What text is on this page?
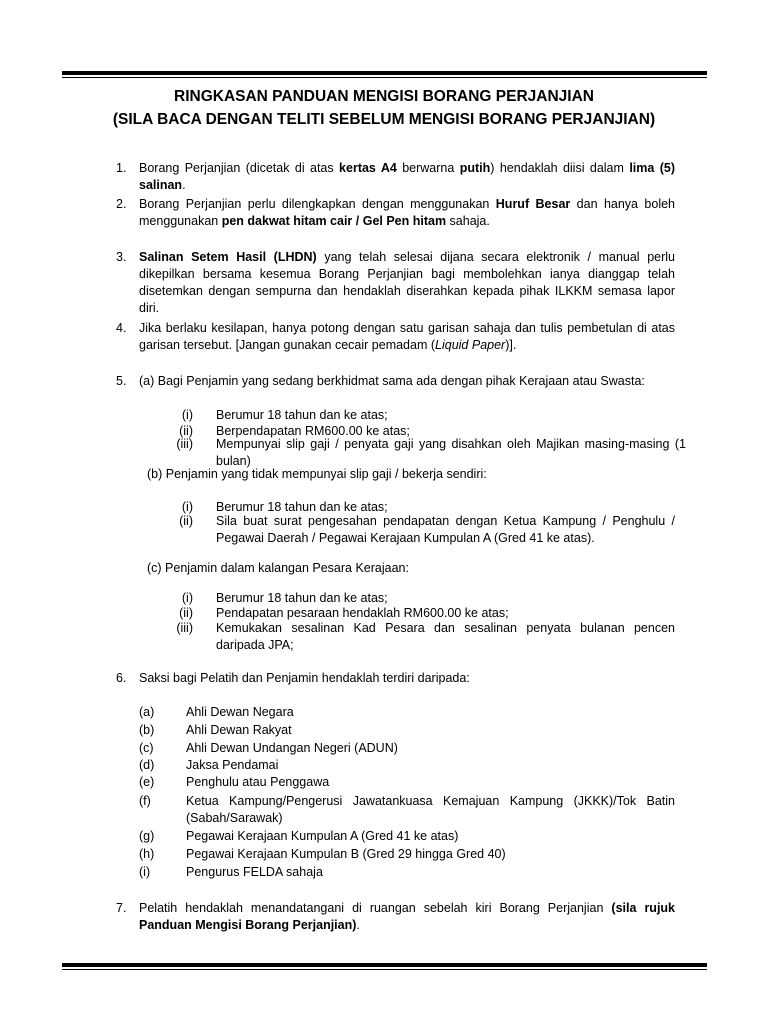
RINGKASAN PANDUAN MENGISI BORANG PERJANJIAN
(SILA BACA DENGAN TELITI SEBELUM MENGISI BORANG PERJANJIAN)
1. Borang Perjanjian (dicetak di atas kertas A4 berwarna putih) hendaklah diisi dalam lima (5) salinan.
2. Borang Perjanjian perlu dilengkapkan dengan menggunakan Huruf Besar dan hanya boleh menggunakan pen dakwat hitam cair / Gel Pen hitam sahaja.
3. Salinan Setem Hasil (LHDN) yang telah selesai dijana secara elektronik / manual perlu dikepilkan bersama kesemua Borang Perjanjian bagi membolehkan ianya dianggap telah disetemkan dengan sempurna dan hendaklah diserahkan kepada pihak ILKKM semasa lapor diri.
4. Jika berlaku kesilapan, hanya potong dengan satu garisan sahaja dan tulis pembetulan di atas garisan tersebut. [Jangan gunakan cecair pemadam (Liquid Paper)].
5. (a) Bagi Penjamin yang sedang berkhidmat sama ada dengan pihak Kerajaan atau Swasta:
(i) Berumur 18 tahun dan ke atas;
(ii) Berpendapatan RM600.00 ke atas;
(iii) Mempunyai slip gaji / penyata gaji yang disahkan oleh Majikan masing-masing (1 bulan)
(b) Penjamin yang tidak mempunyai slip gaji / bekerja sendiri:
(i) Berumur 18 tahun dan ke atas;
(ii) Sila buat surat pengesahan pendapatan dengan Ketua Kampung / Penghulu / Pegawai Daerah / Pegawai Kerajaan Kumpulan A (Gred 41 ke atas).
(c) Penjamin dalam kalangan Pesara Kerajaan:
(i) Berumur 18 tahun dan ke atas;
(ii) Pendapatan pesaraan hendaklah RM600.00 ke atas;
(iii) Kemukakan sesalinan Kad Pesara dan sesalinan penyata bulanan pencen daripada JPA;
6. Saksi bagi Pelatih dan Penjamin hendaklah terdiri daripada:
(a)	Ahli Dewan Negara
(b)	Ahli Dewan Rakyat
(c)	Ahli Dewan Undangan Negeri (ADUN)
(d)	Jaksa Pendamai
(e)	Penghulu atau Penggawa
(f)	Ketua Kampung/Pengerusi Jawatankuasa Kemajuan Kampung (JKKK)/Tok Batin (Sabah/Sarawak)
(g)	Pegawai Kerajaan Kumpulan A (Gred 41 ke atas)
(h)	Pegawai Kerajaan Kumpulan B (Gred 29 hingga Gred 40)
(i)	Pengurus FELDA sahaja
7. Pelatih hendaklah menandatangani di ruangan sebelah kiri Borang Perjanjian (sila rujuk Panduan Mengisi Borang Perjanjian).
